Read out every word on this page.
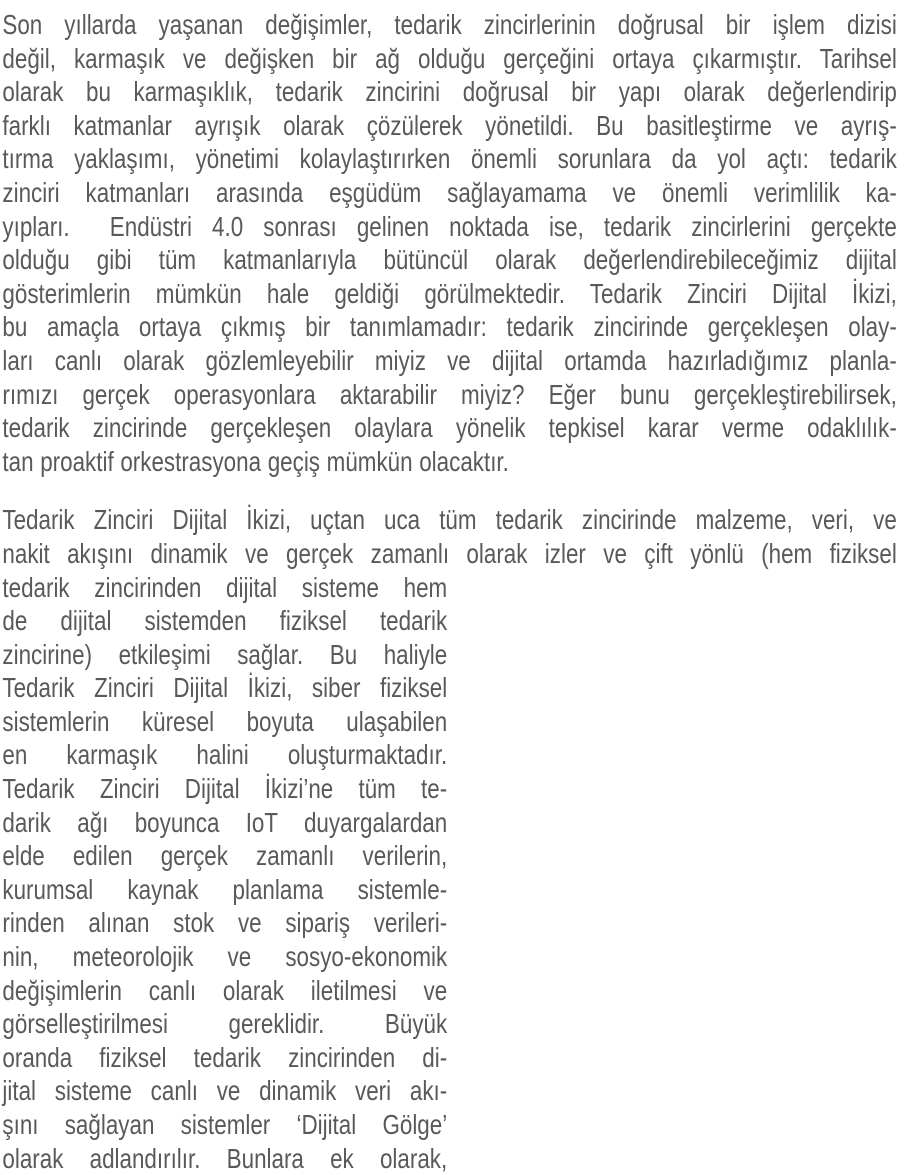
Son yıllarda yaşanan değişimler, tedarik zincirlerinin doğrusal bir işlem dizisi
değil, karmaşık ve değişken bir ağ olduğu gerçeğini ortaya çıkarmıştır. Tarihsel
olarak bu karmaşıklık, tedarik zincirini doğrusal bir yapı olarak değerlendirip
farklı katmanlar ayrışık olarak çözülerek yönetildi. Bu basitleştirme ve ayrış-
tırma yaklaşımı, yönetimi kolaylaştırırken önemli sorunlara da yol açtı: tedarik
zinciri katmanları arasında eşgüdüm sağlayamama ve önemli verimlilik ka-
yıpları.  Endüstri 4.0 sonrası gelinen noktada ise, tedarik zincirlerini gerçekte
olduğu gibi tüm katmanlarıyla bütüncül olarak değerlendirebileceğimiz dijital
gösterimlerin mümkün hale geldiği görülmektedir. Tedarik Zinciri Dijital İkizi,
bu amaçla ortaya çıkmış bir tanımlamadır: tedarik zincirinde gerçekleşen olay-
ları canlı olarak gözlemleyebilir miyiz ve dijital ortamda hazırladığımız planla-
rımızı gerçek operasyonlara aktarabilir miyiz? Eğer bunu gerçekleştirebilirsek,
tedarik zincirinde gerçekleşen olaylara yönelik tepkisel karar verme odaklılık-
tan proaktif orkestrasyona geçiş mümkün olacaktır.
Tedarik Zinciri Dijital İkizi, uçtan uca tüm tedarik zincirinde malzeme, veri, ve
nakit akışını dinamik ve gerçek zamanlı olarak izler ve çift yönlü (hem fiziksel
tedarik zincirinden dijital sisteme hem
de dijital sistemden fiziksel tedarik
zincirine) etkileşimi sağlar. Bu haliyle
Tedarik Zinciri Dijital İkizi, siber fiziksel
sistemlerin küresel boyuta ulaşabilen
en karmaşık halini oluşturmaktadır.
Tedarik Zinciri Dijital İkizi’ne tüm te-
darik ağı boyunca IoT duyargalardan
elde edilen gerçek zamanlı verilerin,
kurumsal kaynak planlama sistemle-
rinden alınan stok ve sipariş verileri-
nin, meteorolojik ve sosyo-ekonomik
değişimlerin canlı olarak iletilmesi ve
görselleştirilmesi gereklidir. Büyük
oranda fiziksel tedarik zincirinden di-
jital sisteme canlı ve dinamik veri akı-
şını sağlayan sistemler ‘Dijital Gölge’
olarak adlandırılır. Bunlara ek olarak,
